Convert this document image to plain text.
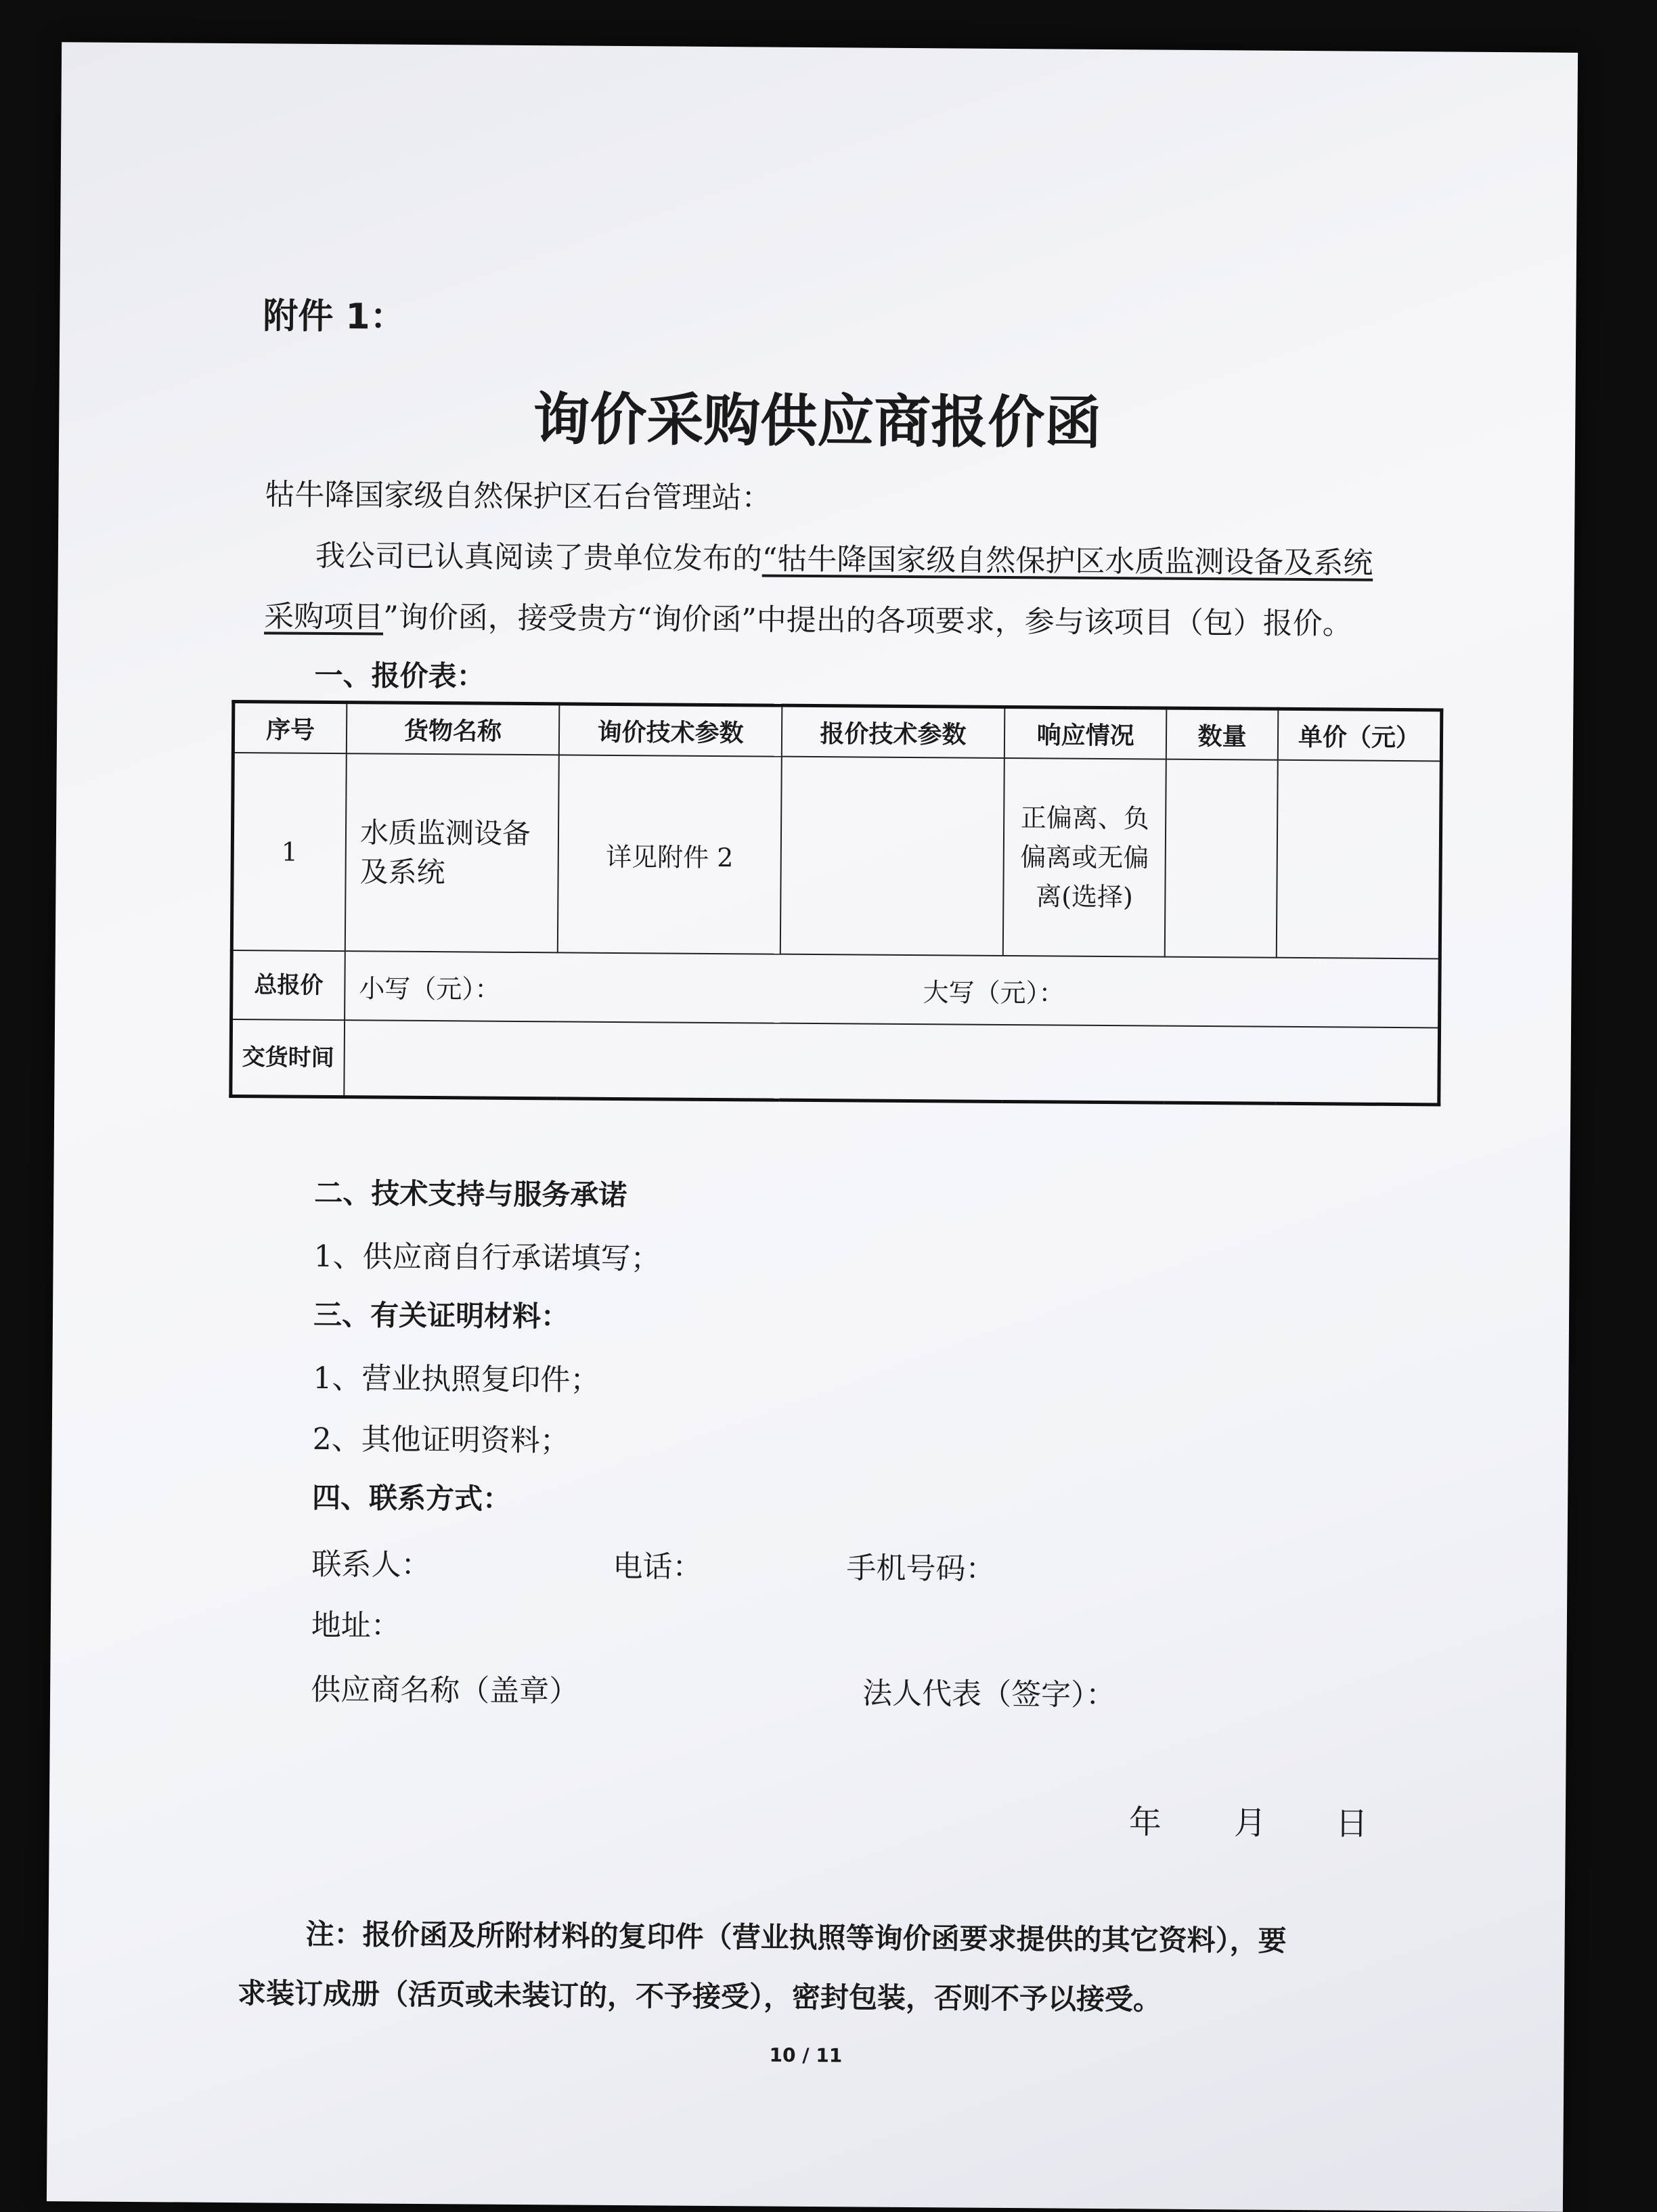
附件 1：
询价采购供应商报价函
牯牛降国家级自然保护区石台管理站：
我公司已认真阅读了贵单位发布的“牯牛降国家级自然保护区水质监测设备及系统
采购项目”询价函，接受贵方“询价函”中提出的各项要求，参与该项目（包）报价。
一、报价表：
序号	货物名称	询价技术参数	报价技术参数	响应情况	数量	单价（元）
1	水质监测设备及系统	详见附件 2		正偏离、负偏离或无偏离(选择)		
总报价	小写（元）： 大写（元）：					
交货时间						
二、技术支持与服务承诺
1、供应商自行承诺填写；
三、有关证明材料：
1、营业执照复印件；
2、其他证明资料；
四、联系方式：
联系人：	电话：	手机号码：
地址：
供应商名称（盖章）	法人代表（签字）：
年 月 日
注：报价函及所附材料的复印件（营业执照等询价函要求提供的其它资料），要
求装订成册（活页或未装订的，不予接受），密封包装，否则不予以接受。
10 / 11
